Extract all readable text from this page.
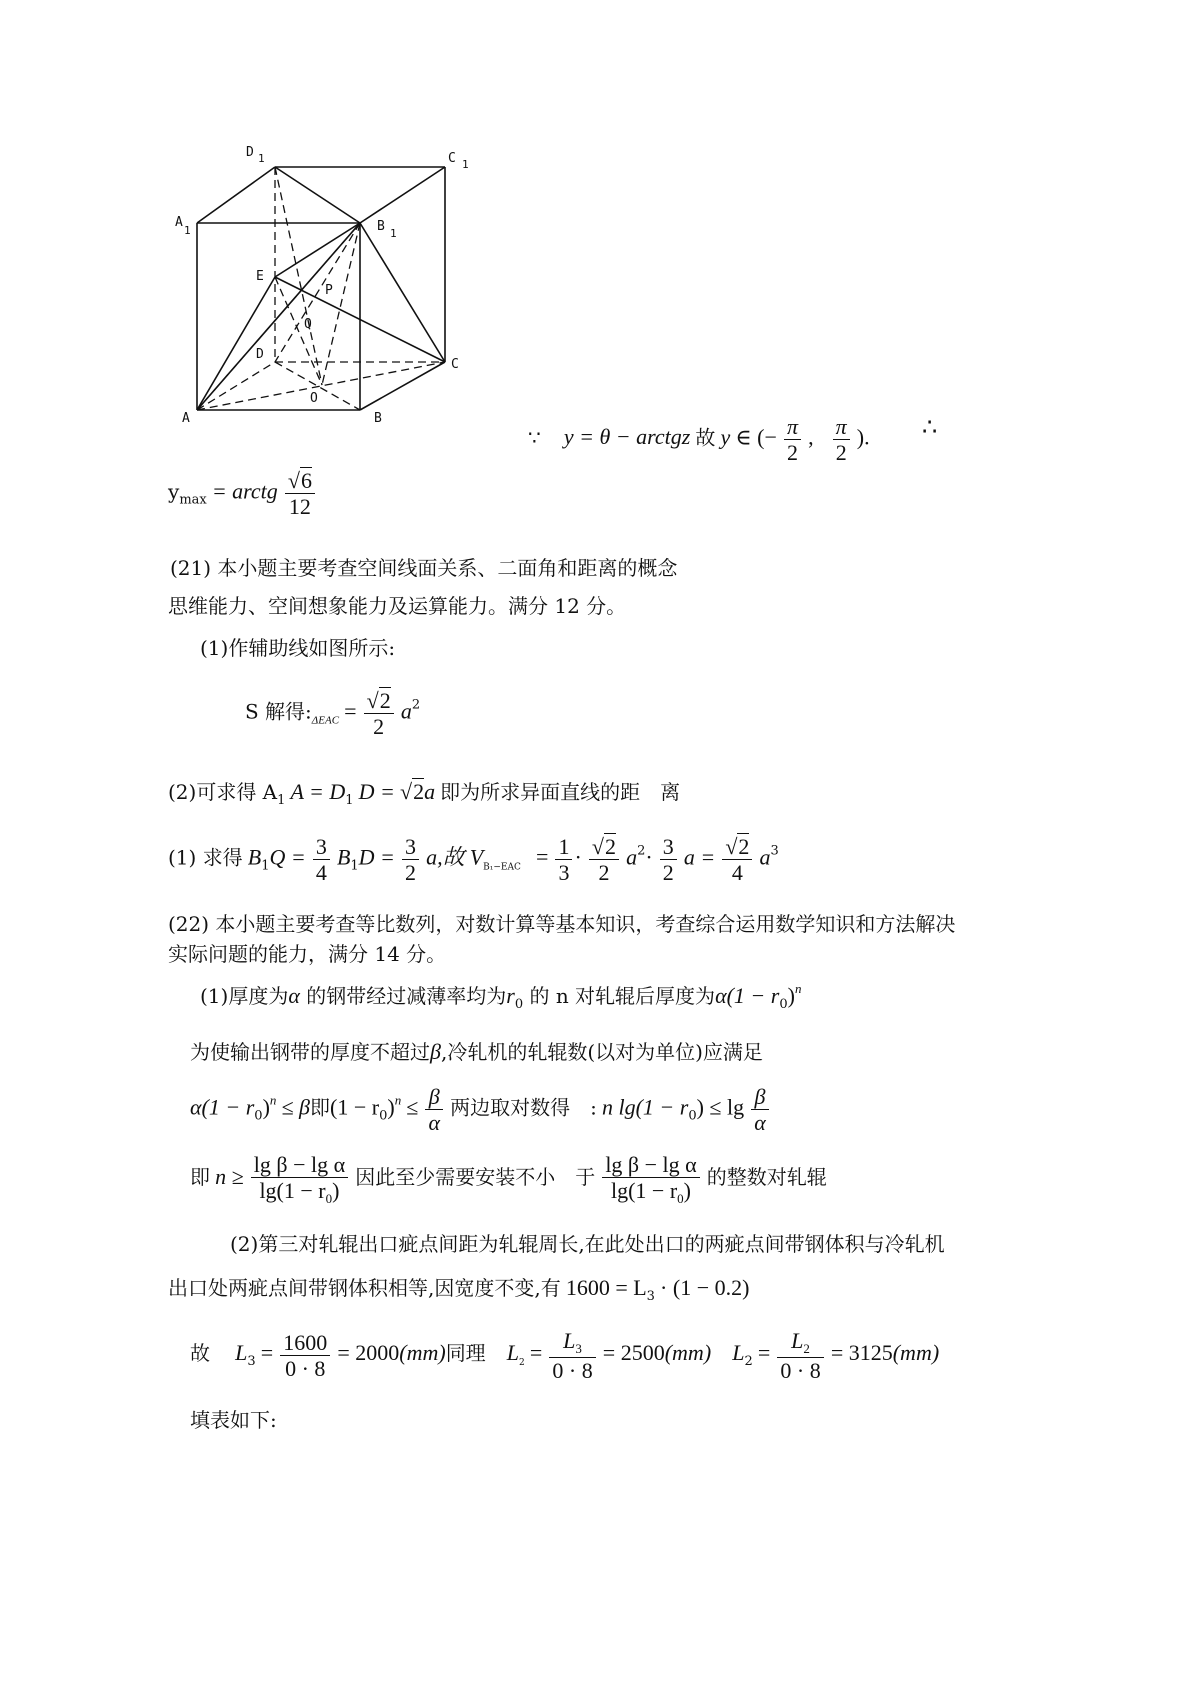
D 1	C 1
A
1	B 1
E
P
Q
D
C
A
O
B
∵ y = θ − arctgz 故 y ∈ (− $\frac{\pi}{2}$ , $\frac{\pi}{2}$ ). ∴
$y_{max}$ = arctg $\frac{√6}{12}$
(21) 本小题主要考查空间线面关系、二面角和距离的概念
思维能力、空间想象能力及运算能力。满分 12 分。
(1)作辅助线如图所示:
S 解得$:_{\Delta EAC} = \frac{√2}{2} a^2$
(2)可求得 $A_1$ $A = D_1$ D = √2a 即为所求异面直线的距　离
(1) 求得 $B_1Q = \frac{3}{4} B_1D = \frac{3}{2} a$,故 $V_{B_1-EAC} = \frac{1}{3} \cdot \frac{√2}{2} a^2\cdot \frac{3}{2}$ $a = \frac{√2}{4} a^3$
(22) 本小题主要考查等比数列，对数计算等基本知识，考查综合运用数学知识和方法解决
实际问题的能力，满分 14 分。
(1)厚度为α 的钢带经过减薄率均为$r_0$ 的 n 对轧辊后厚度为$\alpha(1 - r_0)^n$
为使输出钢带的厚度不超过β,冷轧机的轧辊数(以对为单位)应满足
$\alpha(1 - r_0)^n \le \beta$即$(1 - r_0)^n \le \frac{\beta}{\alpha}$ 两边取对数得　: n $\lg(1 - r_0) \le \lg \frac{\beta}{\alpha}$
即 $n \ge \frac{\text{lg β − lg α}}{\lg(1 - r_0)}$ 因此至少需要安装不小　于 $\frac{\text{lg β − lg α}}{\lg(1 - r_0)}$ 的整数对轧辊
(2)第三对轧辊出口疵点间距为轧辊周长,在此处出口的两疵点间带钢体积与冷轧机
出口处两疵点间带钢体积相等,因宽度不变,有 $1600 = L_3 \cdot (1 - 0.2)$
故 $L_3 = \frac{1600}{0 \cdot 8} = 2000(mm)$同理 $L_2 = \frac{L_3}{0 \cdot 8} = 2500(mm) L_2 = \frac{L_2}{0 \cdot 8} = 3125(mm)$
填表如下:
